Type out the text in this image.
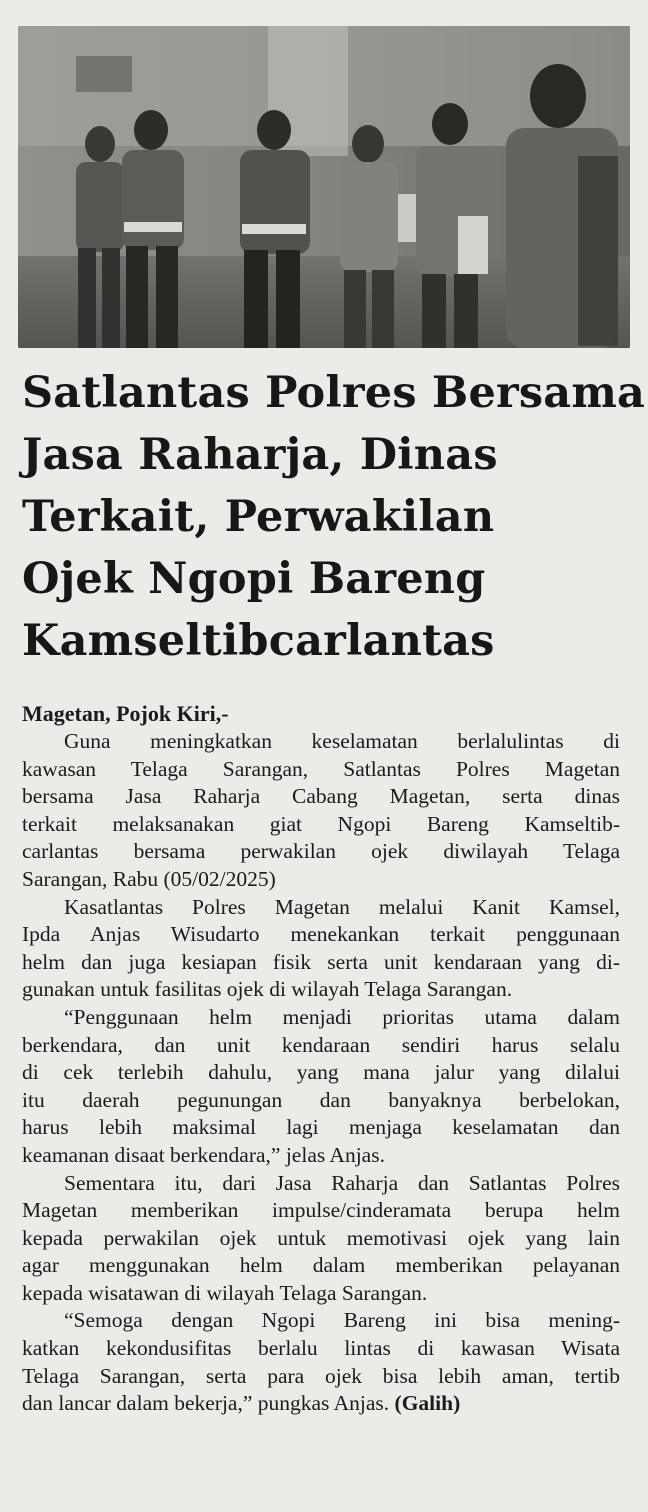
Satlantas Polres Bersama
Jasa Raharja, Dinas
Terkait, Perwakilan
Ojek Ngopi Bareng
Kamseltibcarlantas

Magetan, Pojok Kiri,-

Guna meningkatkan keselamatan berlalulintas di
kawasan Telaga Sarangan, Satlantas Polres Magetan
bersama Jasa Raharja Cabang Magetan, serta dinas
terkait melaksanakan giat Ngopi Bareng Kamseltib-
carlantas bersama perwakilan ojek diwilayah Telaga
Sarangan, Rabu (05/02/2025)

Kasatlantas Polres Magetan melalui Kanit Kamsel,
Ipda Anjas Wisudarto menekankan terkait penggunaan
helm dan juga kesiapan fisik serta unit kendaraan yang di-
gunakan untuk fasilitas ojek di wilayah Telaga Sarangan.

“Penggunaan helm menjadi prioritas utama dalam
berkendara, dan unit kendaraan sendiri harus selalu
di cek terlebih dahulu, yang mana jalur yang dilalui
itu daerah pegunungan dan banyaknya berbelokan,
harus lebih maksimal lagi menjaga keselamatan dan
keamanan disaat berkendara,” jelas Anjas.

Sementara itu, dari Jasa Raharja dan Satlantas Polres
Magetan memberikan impulse/cinderamata berupa helm
kepada perwakilan ojek untuk memotivasi ojek yang lain
agar menggunakan helm dalam memberikan pelayanan
kepada wisatawan di wilayah Telaga Sarangan.

“Semoga dengan Ngopi Bareng ini bisa mening-
katkan kekondusifitas berlalu lintas di kawasan Wisata
Telaga Sarangan, serta para ojek bisa lebih aman, tertib
dan lancar dalam bekerja,” pungkas Anjas. (Galih)
